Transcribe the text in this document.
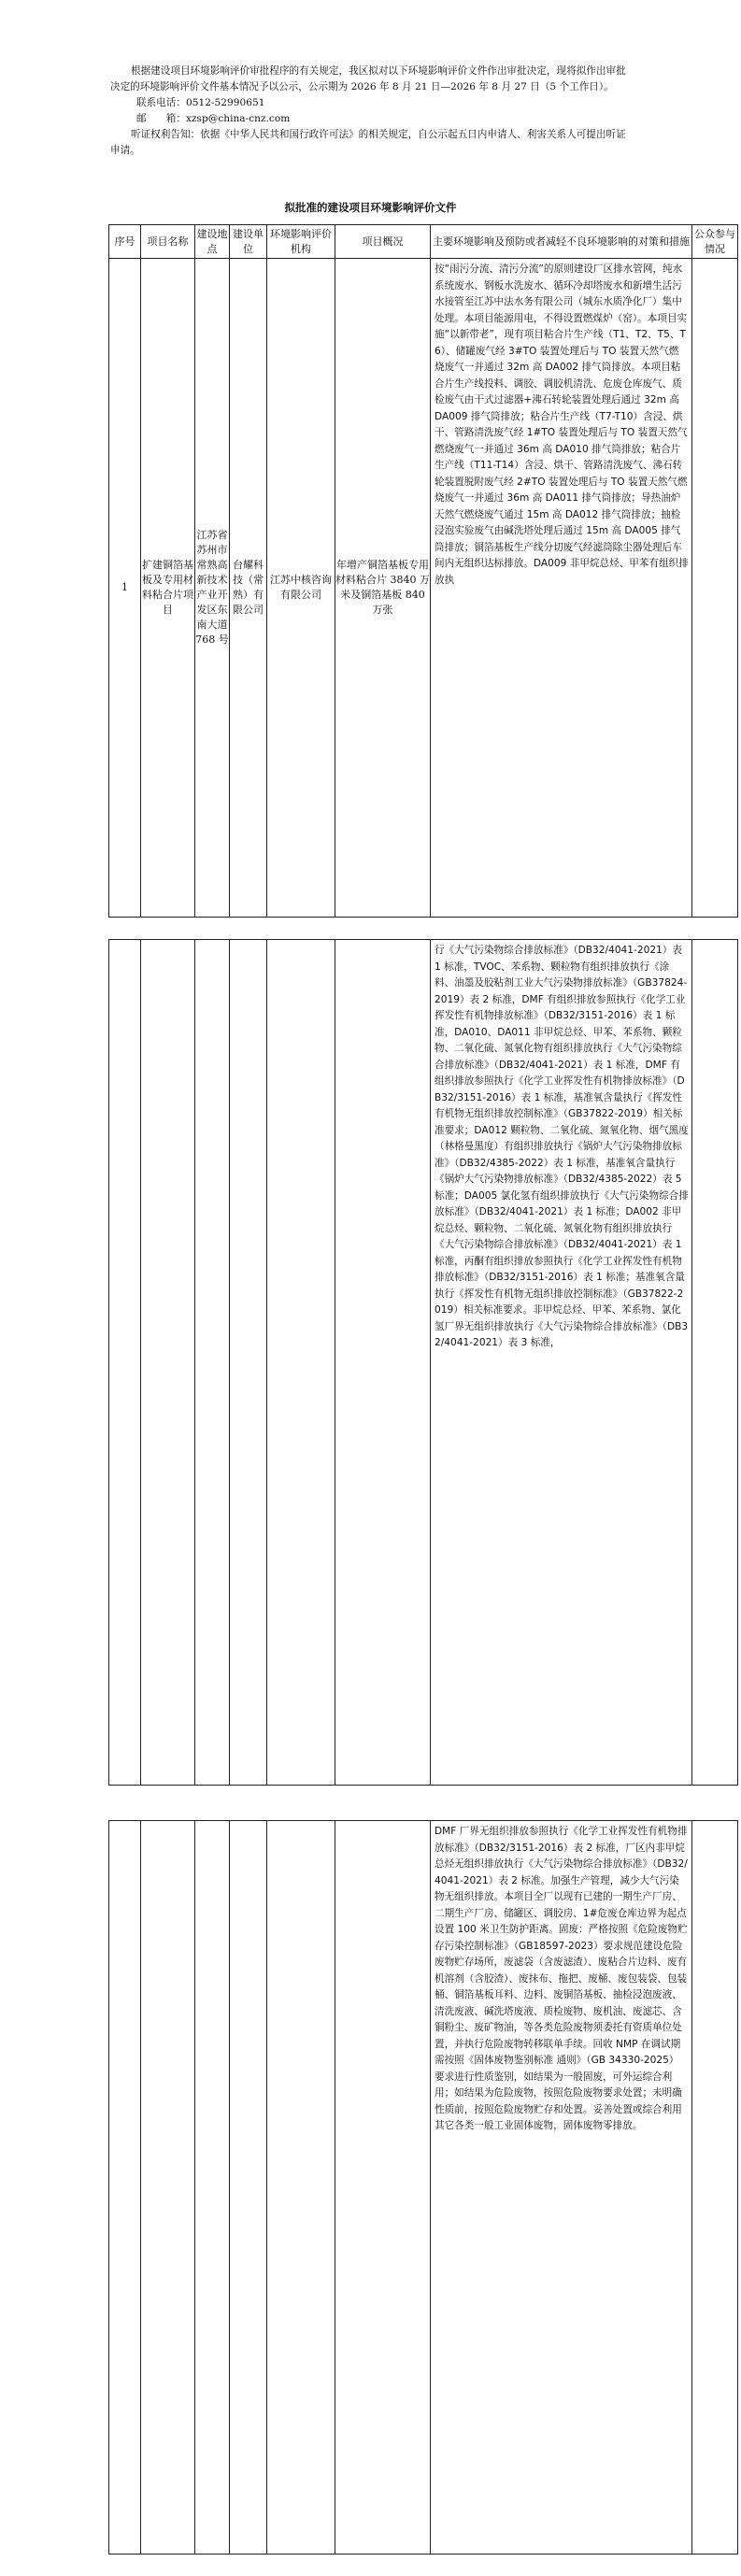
根据建设项目环境影响评价审批程序的有关规定，我区拟对以下环境影响评价文件作出审批决定，现将拟作出审批决定的环境影响评价文件基本情况予以公示，公示期为 2026 年 8 月 21 日—2026 年 8 月 27 日（5 个工作日）。

联系电话：0512-52990651

邮　　箱：xzsp@china-cnz.com

听证权利告知：依据《中华人民共和国行政许可法》的相关规定，自公示起五日内申请人、利害关系人可提出听证申请。

拟批准的建设项目环境影响评价文件
序号	项目名称	建设地点	建设单位	环境影响评价机构	项目概况	主要环境影响及预防或者减轻不良环境影响的对策和措施	公众参与情况
1	扩建铜箔基板及专用材料粘合片项目	江苏省苏州市常熟高新技术产业开发区东南大道 768 号	台耀科技（常熟）有限公司	江苏中核咨询有限公司	年增产铜箔基板专用材料粘合片 3840 万米及铜箔基板 840 万张	按“雨污分流、清污分流”的原则建设厂区排水管网，纯水系统废水、钢板水洗废水、循环冷却塔废水和新增生活污水接管至江苏中法水务有限公司（城东水质净化厂）集中处理。本项目能源用电，不得设置燃煤炉（窑）。本项目实施“以新带老”，现有项目粘合片生产线（T1、T2、T5、T6）、储罐废气经 3#TO 装置处理后与 TO 装置天然气燃烧废气一并通过 32m 高 DA002 排气筒排放。本项目粘合片生产线投料、调胶、调胶机清洗、危废仓库废气、质检废气由干式过滤器+沸石转轮装置处理后通过 32m 高 DA009 排气筒排放；粘合片生产线（T7-T10）含浸、烘干、管路清洗废气经 1#TO 装置处理后与 TO 装置天然气燃烧废气一并通过 36m 高 DA010 排气筒排放；粘合片生产线（T11-T14）含浸、烘干、管路清洗废气、沸石转轮装置脱附废气经 2#TO 装置处理后与 TO 装置天然气燃烧废气一并通过 36m 高 DA011 排气筒排放；导热油炉天然气燃烧废气通过 15m 高 DA012 排气筒排放；抽检浸泡实验废气由碱洗塔处理后通过 15m 高 DA005 排气筒排放；铜箔基板生产线分切废气经滤筒除尘器处理后车间内无组织达标排放。DA009 非甲烷总烃、甲苯有组织排放执	
						行《大气污染物综合排放标准》（DB32/4041-2021）表 1 标准，TVOC、苯系物、颗粒物有组织排放执行《涂料、油墨及胶粘剂工业大气污染物排放标准》（GB37824-2019）表 2 标准，DMF 有组织排放参照执行《化学工业挥发性有机物排放标准》（DB32/3151-2016）表 1 标准，DA010、DA011 非甲烷总烃、甲苯、苯系物、颗粒物、二氧化硫、氮氧化物有组织排放执行《大气污染物综合排放标准》（DB32/4041-2021）表 1 标准，DMF 有组织排放参照执行《化学工业挥发性有机物排放标准》（DB32/3151-2016）表 1 标准，基准氧含量执行《挥发性有机物无组织排放控制标准》（GB37822-2019）相关标准要求；DA012 颗粒物、二氧化硫、氮氧化物、烟气黑度（林格曼黑度）有组织排放执行《锅炉大气污染物排放标准》（DB32/4385-2022）表 1 标准，基准氧含量执行《锅炉大气污染物排放标准》（DB32/4385-2022）表 5 标准；DA005 氯化氢有组织排放执行《大气污染物综合排放标准》（DB32/4041-2021）表 1 标准；DA002 非甲烷总烃、颗粒物、二氧化硫、氮氧化物有组织排放执行《大气污染物综合排放标准》（DB32/4041-2021）表 1 标准，丙酮有组织排放参照执行《化学工业挥发性有机物排放标准》（DB32/3151-2016）表 1 标准；基准氧含量执行《挥发性有机物无组织排放控制标准》（GB37822-2019）相关标准要求。非甲烷总烃、甲苯、苯系物、氯化氢厂界无组织排放执行《大气污染物综合排放标准》（DB32/4041-2021）表 3 标准，	
						DMF 厂界无组织排放参照执行《化学工业挥发性有机物排放标准》（DB32/3151-2016）表 2 标准，厂区内非甲烷总烃无组织排放执行《大气污染物综合排放标准》（DB32/4041-2021）表 2 标准。加强生产管理，减少大气污染物无组织排放。本项目全厂以现有已建的一期生产厂房、二期生产厂房、储罐区、调胶房、1#危废仓库边界为起点设置 100 米卫生防护距离。固废：严格按照《危险废物贮存污染控制标准》（GB18597-2023）要求规范建设危险废物贮存场所，废滤袋（含废滤渣）、废粘合片边料、废有机溶剂（含胶渣）、废抹布、拖把、废桶、废包装袋、包装桶、铜箔基板耳料、边料、废铜箔基板、抽检浸泡废液、清洗废液、碱洗塔废液、质检废物、废机油、废滤芯、含铜粉尘、废矿物油，等各类危险废物须委托有资质单位处置，并执行危险废物转移联单手续。回收 NMP 在调试期需按照《固体废物鉴别标准 通则》（GB 34330-2025）要求进行性质鉴别，如结果为一般固废，可外运综合利用；如结果为危险废物，按照危险废物要求处置；未明确性质前，按照危险废物贮存和处置。妥善处置或综合利用其它各类一般工业固体废物，固体废物零排放。	
